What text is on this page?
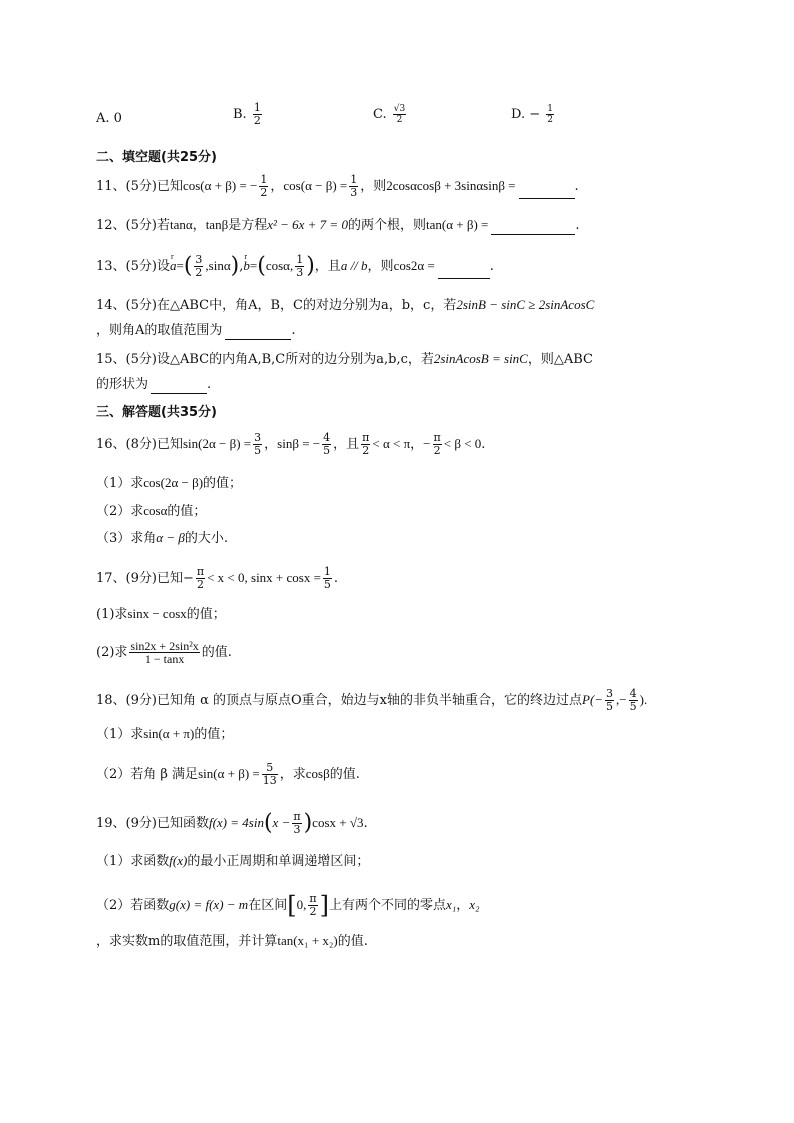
A. 0	B. $\frac{1}{2}$	C. $\frac{√3}{2}$	D. − $\frac{1}{2}$
二、填空题(共25分)
11、(5分)已知cos(α + β) = − $\frac{1}{2}$ ，$\cos(\alpha - \beta) = \frac{1}{3}$ ，则2cosαcosβ + 3sinαsinβ =	.
12、(5分)若tanα，tanβ是方程x² − 6x + 7 = 0的两个根，则tan(α + β) =	.
13、(5分)设r $a=( \frac{3}{2} ,\sin\alpha),r$ b=(cosα, $\frac{1}{3}$ )，且a // b，则cos2α =	.
14、(5分)在△ABC中，角A，B，C的对边分别为a，b，c，若2sinB − sinC ≥ 2sinAcosC
，则角A的取值范围为	.
15、(5分)设△ABC的内角A,B,C所对的边分别为a,b,c，若2sinAcosB = sinC，则△ABC
的形状为	.
三、解答题(共35分)
16、(8分)已知$\sin(2\alpha - \beta) = \frac{3}{5}$ ，sinβ = − $\frac{4}{5}$ ，且 $\frac{\pi}{2} < \alpha < \pi$，− $\frac{\pi}{2} < \beta < 0$.
（1）求cos(2α − β)的值；
（2）求cosα的值；
（3）求角α − β的大小.
17、(9分)已知− $\frac{\pi}{2} < x < 0$, $\sin x + \cos x = \frac{1}{5}$ .
(1)求sinx − cosx的值；
(2)求 $\frac{\text{sin2x + 2sin²x}}{1 - \tan x}$ 的值.
18、(9分)已知角 α 的顶点与原点O重合，始边与x轴的非负半轴重合，它的终边过点$P(- \frac{3}{5}$ ,− $\frac{4}{5}$ ).
（1）求sin(α + π)的值；
（2）若角 β 满足$\sin(\alpha + \beta) = \frac{5}{13}$ ，求cosβ的值.
19、(9分)已知函数$f(x) = 4\sin(x - \frac{\pi}{3} )\cos x + √3$.
（1）求函数f(x)的最小正周期和单调递增区间；
（2）若函数g(x) = f(x) − m在区间[0, $\frac{\pi}{2}$ ]上有两个不同的零点x₁，x₂
，求实数m的取值范围，并计算tan(x₁ + x₂)的值.
